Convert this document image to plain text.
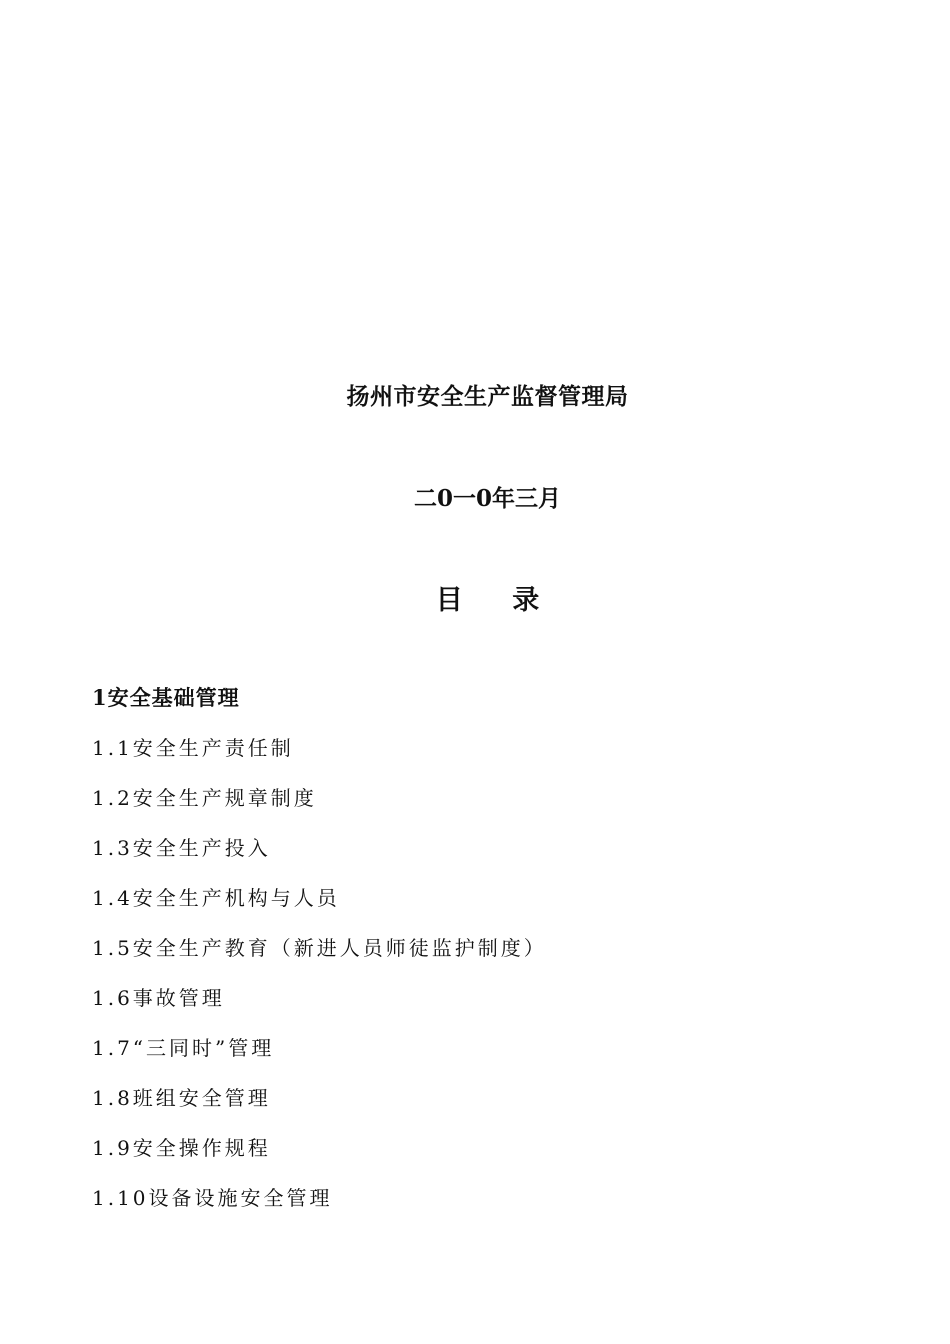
扬州市安全生产监督管理局
二0一0年三月
目 录
1安全基础管理
1.1安全生产责任制
1.2安全生产规章制度
1.3安全生产投入
1.4安全生产机构与人员
1.5安全生产教育（新进人员师徒监护制度）
1.6事故管理
1.7“三同时”管理
1.8班组安全管理
1.9安全操作规程
1.10设备设施安全管理
